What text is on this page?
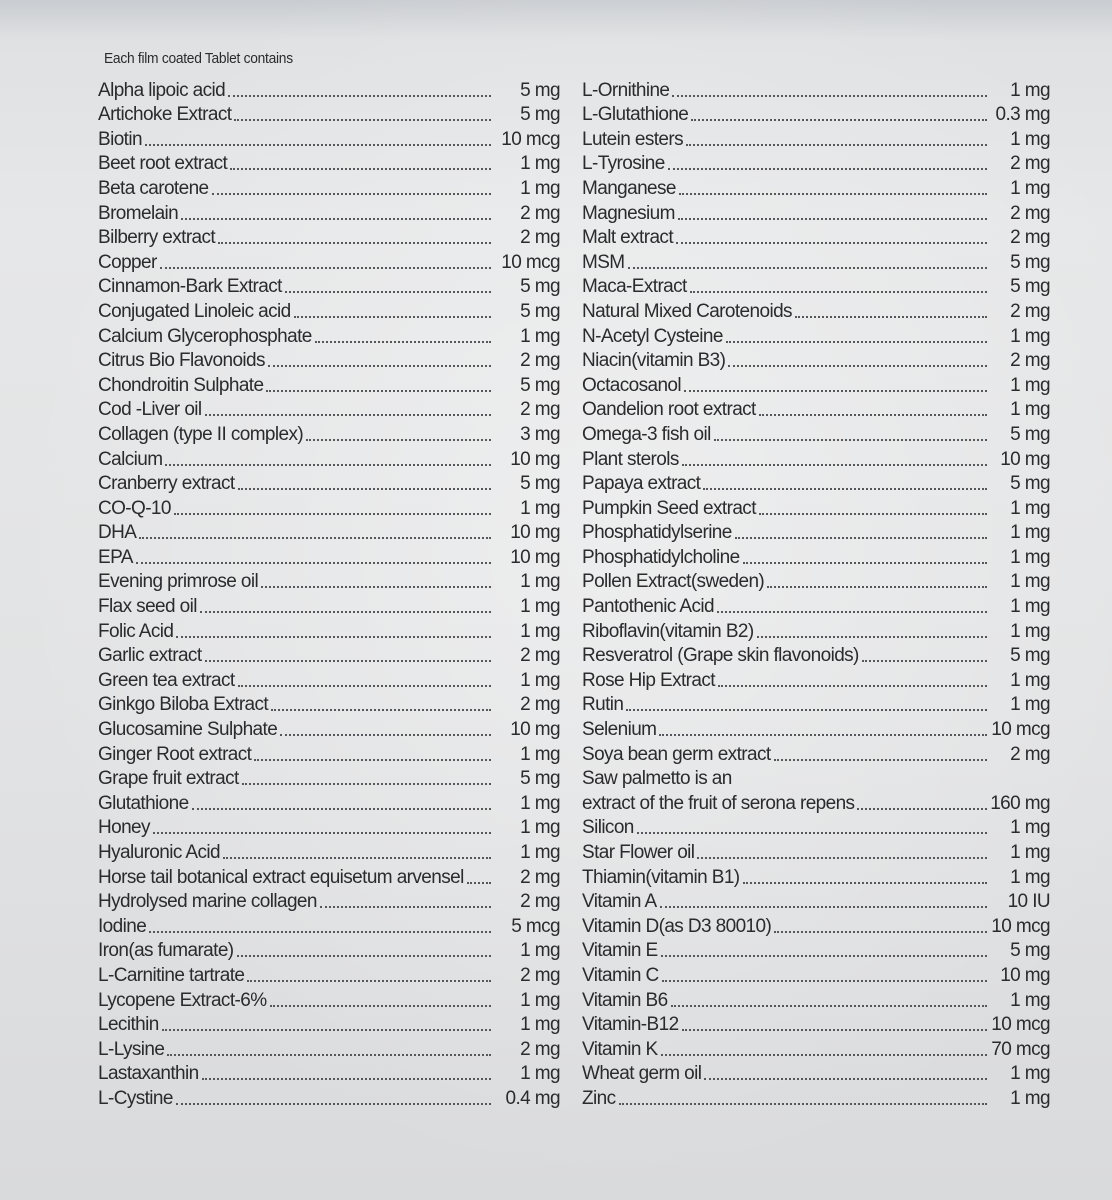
Each film coated Tablet contains
Alpha lipoic acid	5 mg
Artichoke Extract	5 mg
Biotin	10 mcg
Beet root extract	1 mg
Beta carotene	1 mg
Bromelain	2 mg
Bilberry extract	2 mg
Copper	10 mcg
Cinnamon-Bark Extract	5 mg
Conjugated Linoleic acid	5 mg
Calcium Glycerophosphate	1 mg
Citrus Bio Flavonoids	2 mg
Chondroitin Sulphate	5 mg
Cod -Liver oil	2 mg
Collagen (type II complex)	3 mg
Calcium	10 mg
Cranberry extract	5 mg
CO-Q-10	1 mg
DHA	10 mg
EPA	10 mg
Evening primrose oil	1 mg
Flax seed oil	1 mg
Folic Acid	1 mg
Garlic extract	2 mg
Green tea extract	1 mg
Ginkgo Biloba Extract	2 mg
Glucosamine Sulphate	10 mg
Ginger Root extract	1 mg
Grape fruit extract	5 mg
Glutathione	1 mg
Honey	1 mg
Hyaluronic Acid	1 mg
Horse tail botanical extract equisetum arvensel	2 mg
Hydrolysed marine collagen	2 mg
Iodine	5 mcg
Iron(as fumarate)	1 mg
L-Carnitine tartrate	2 mg
Lycopene Extract-6%	1 mg
Lecithin	1 mg
L-Lysine	2 mg
Lastaxanthin	1 mg
L-Cystine	0.4 mg
L-Ornithine	1 mg
L-Glutathione	0.3 mg
Lutein esters	1 mg
L-Tyrosine	2 mg
Manganese	1 mg
Magnesium	2 mg
Malt extract	2 mg
MSM	5 mg
Maca-Extract	5 mg
Natural Mixed Carotenoids	2 mg
N-Acetyl Cysteine	1 mg
Niacin(vitamin B3)	2 mg
Octacosanol	1 mg
Oandelion root extract	1 mg
Omega-3 fish oil	5 mg
Plant sterols	10 mg
Papaya extract	5 mg
Pumpkin Seed extract	1 mg
Phosphatidylserine	1 mg
Phosphatidylcholine	1 mg
Pollen Extract(sweden)	1 mg
Pantothenic Acid	1 mg
Riboflavin(vitamin B2)	1 mg
Resveratrol (Grape skin flavonoids)	5 mg
Rose Hip Extract	1 mg
Rutin	1 mg
Selenium	10 mcg
Soya bean germ extract	2 mg
Saw palmetto is an
extract of the fruit of serona repens	160 mg
Silicon	1 mg
Star Flower oil	1 mg
Thiamin(vitamin B1)	1 mg
Vitamin A	10 IU
Vitamin D(as D3 80010)	10 mcg
Vitamin E	5 mg
Vitamin C	10 mg
Vitamin B6	1 mg
Vitamin-B12	10 mcg
Vitamin K	70 mcg
Wheat germ oil	1 mg
Zinc	1 mg
